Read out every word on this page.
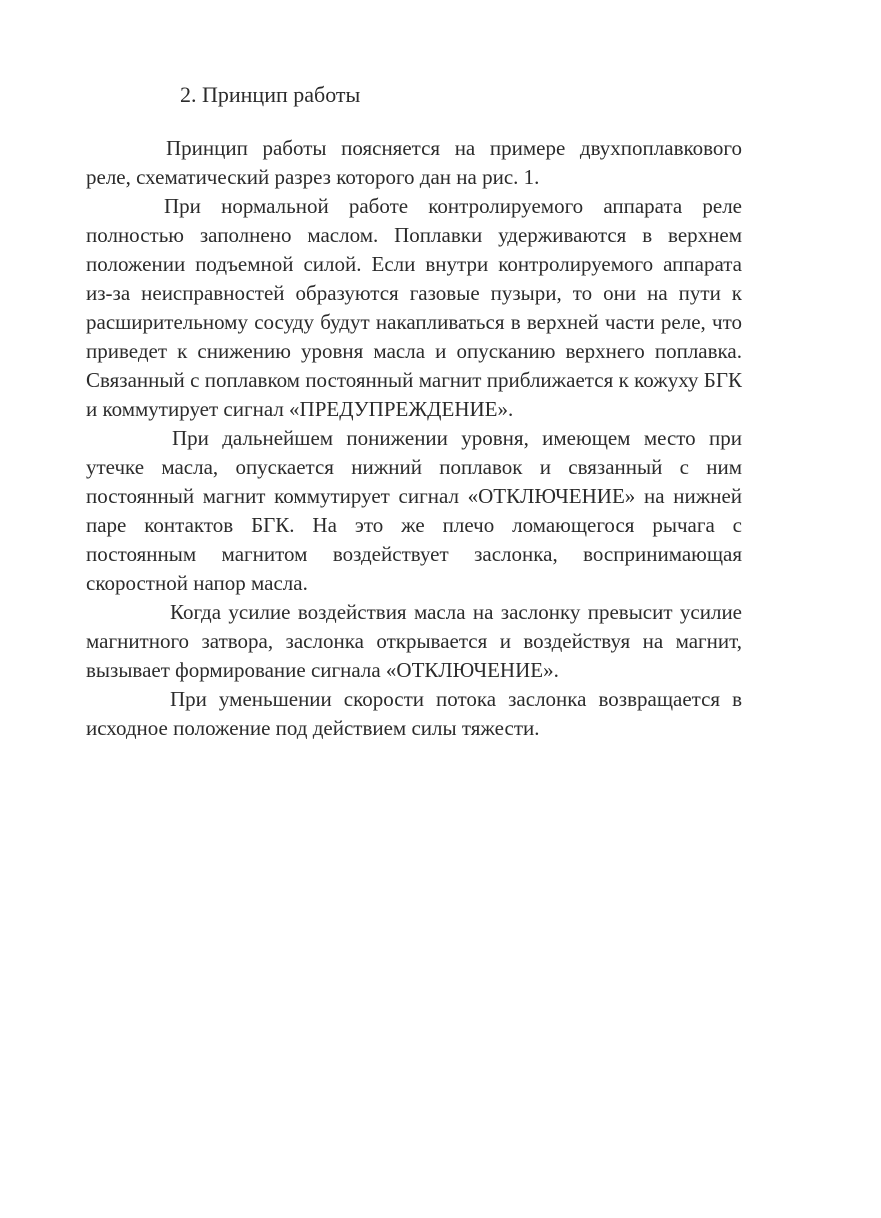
2. Принцип работы

Принцип работы поясняется на примере двухпоплавкового реле, схематический разрез которого дан на рис. 1.

При нормальной работе контролируемого аппарата реле полностью заполнено маслом. Поплавки удерживаются в верхнем положении подъемной силой. Если внутри контролируемого аппарата из-за неисправностей образуются газовые пузыри, то они на пути к расширительному сосуду будут накапливаться в верхней части реле, что приведет к снижению уровня масла и опусканию верхнего поплавка. Связанный с поплавком постоянный магнит приближается к кожуху БГК и коммутирует сигнал «ПРЕДУПРЕЖДЕНИЕ».

При дальнейшем понижении уровня, имеющем место при утечке масла, опускается нижний поплавок и связанный с ним постоянный магнит коммутирует сигнал «ОТКЛЮЧЕНИЕ» на нижней паре контактов БГК. На это же плечо ломающегося рычага с постоянным магнитом воздействует заслонка, воспринимающая скоростной напор масла.

Когда усилие воздействия масла на заслонку превысит усилие магнитного затвора, заслонка открывается и воздействуя на магнит, вызывает формирование сигнала «ОТКЛЮЧЕНИЕ».

При уменьшении скорости потока заслонка возвращается в исходное положение под действием силы тяжести.
